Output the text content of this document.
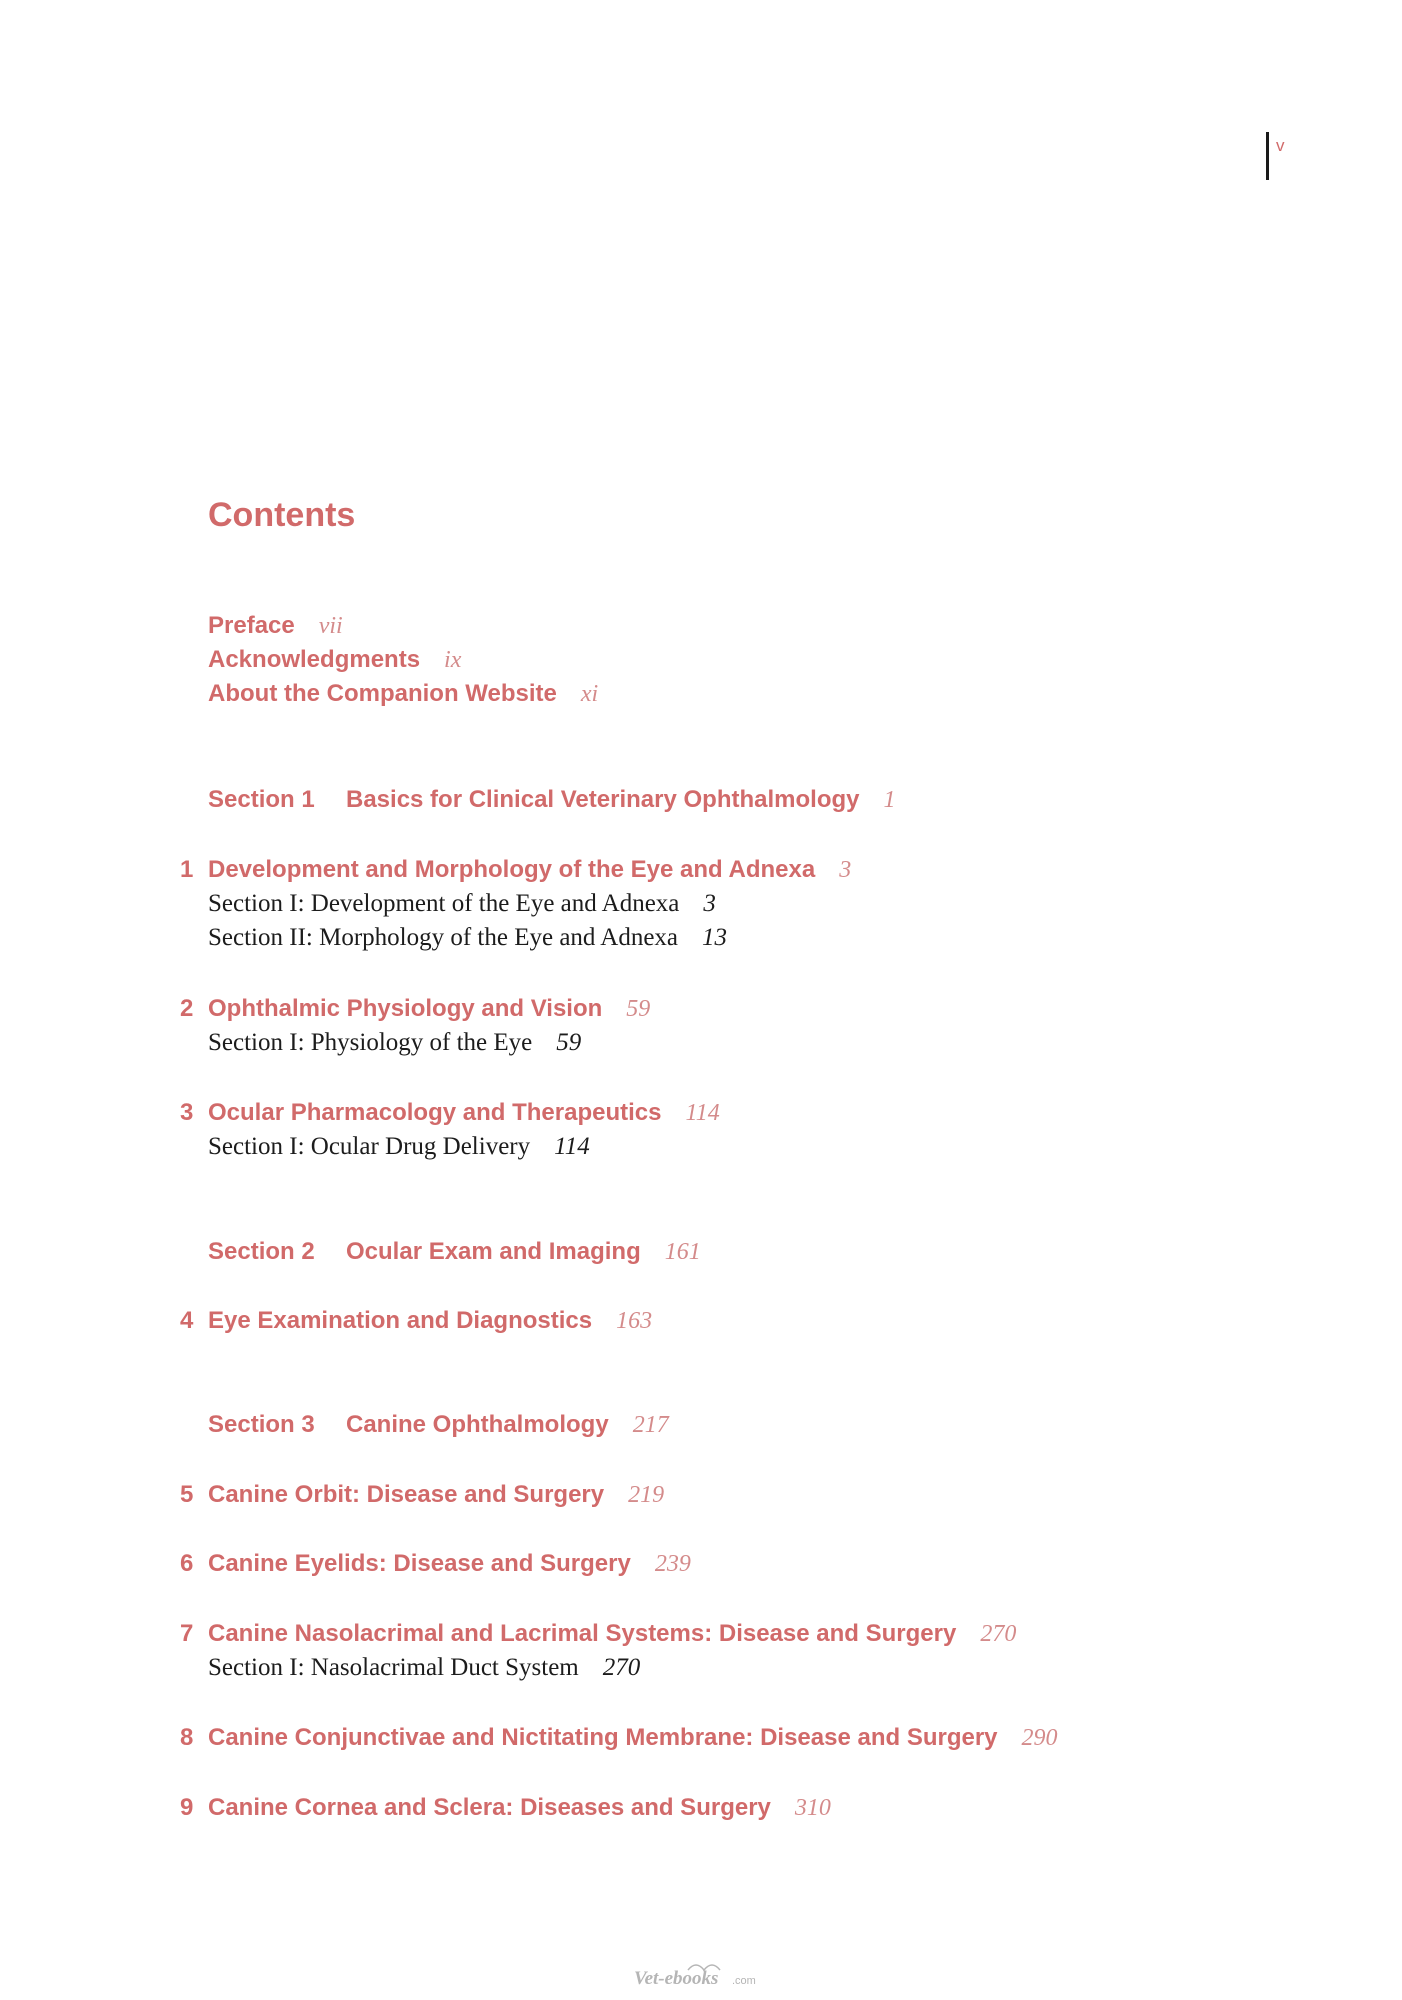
v
Contents
Preface vii
Acknowledgments ix
About the Companion Website xi
Section 1 Basics for Clinical Veterinary Ophthalmology 1
1 Development and Morphology of the Eye and Adnexa 3
Section I: Development of the Eye and Adnexa 3
Section II: Morphology of the Eye and Adnexa 13
2 Ophthalmic Physiology and Vision 59
Section I: Physiology of the Eye 59
3 Ocular Pharmacology and Therapeutics 114
Section I: Ocular Drug Delivery 114
Section 2 Ocular Exam and Imaging 161
4 Eye Examination and Diagnostics 163
Section 3 Canine Ophthalmology 217
5 Canine Orbit: Disease and Surgery 219
6 Canine Eyelids: Disease and Surgery 239
7 Canine Nasolacrimal and Lacrimal Systems: Disease and Surgery 270
Section I: Nasolacrimal Duct System 270
8 Canine Conjunctivae and Nictitating Membrane: Disease and Surgery 290
9 Canine Cornea and Sclera: Diseases and Surgery 310
Vet-ebooks .com
